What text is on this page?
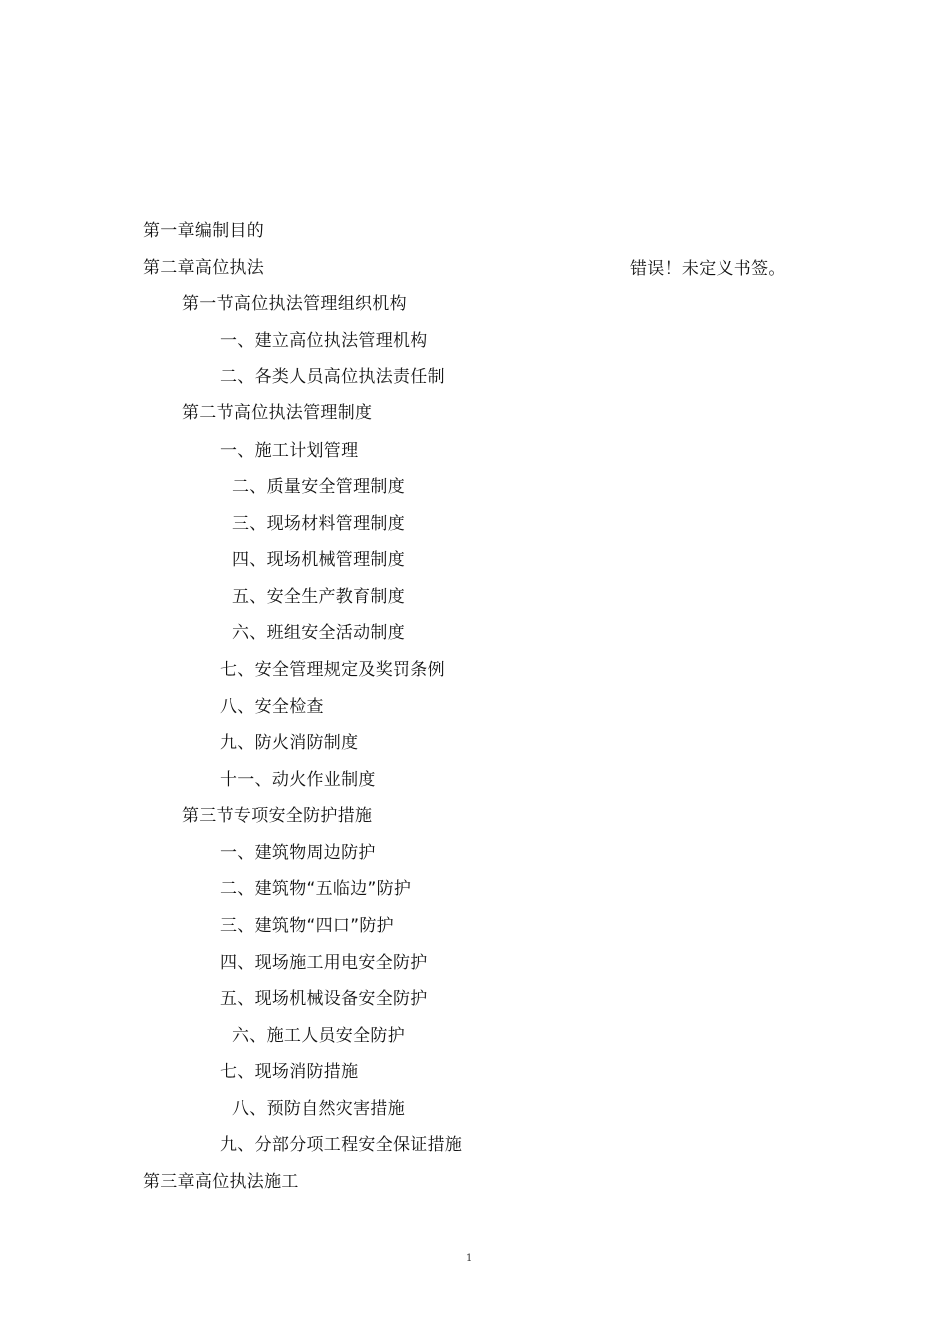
第一章编制目的
第二章高位执法	错误！未定义书签。
第一节高位执法管理组织机构
一、建立高位执法管理机构
二、各类人员高位执法责任制
第二节高位执法管理制度
一、施工计划管理
二、质量安全管理制度
三、现场材料管理制度
四、现场机械管理制度
五、安全生产教育制度
六、班组安全活动制度
七、安全管理规定及奖罚条例
八、安全检查
九、防火消防制度
十一、动火作业制度
第三节专项安全防护措施
一、建筑物周边防护
二、建筑物“五临边”防护
三、建筑物“四口”防护
四、现场施工用电安全防护
五、现场机械设备安全防护
六、施工人员安全防护
七、现场消防措施
八、预防自然灾害措施
九、分部分项工程安全保证措施
第三章高位执法施工
1
